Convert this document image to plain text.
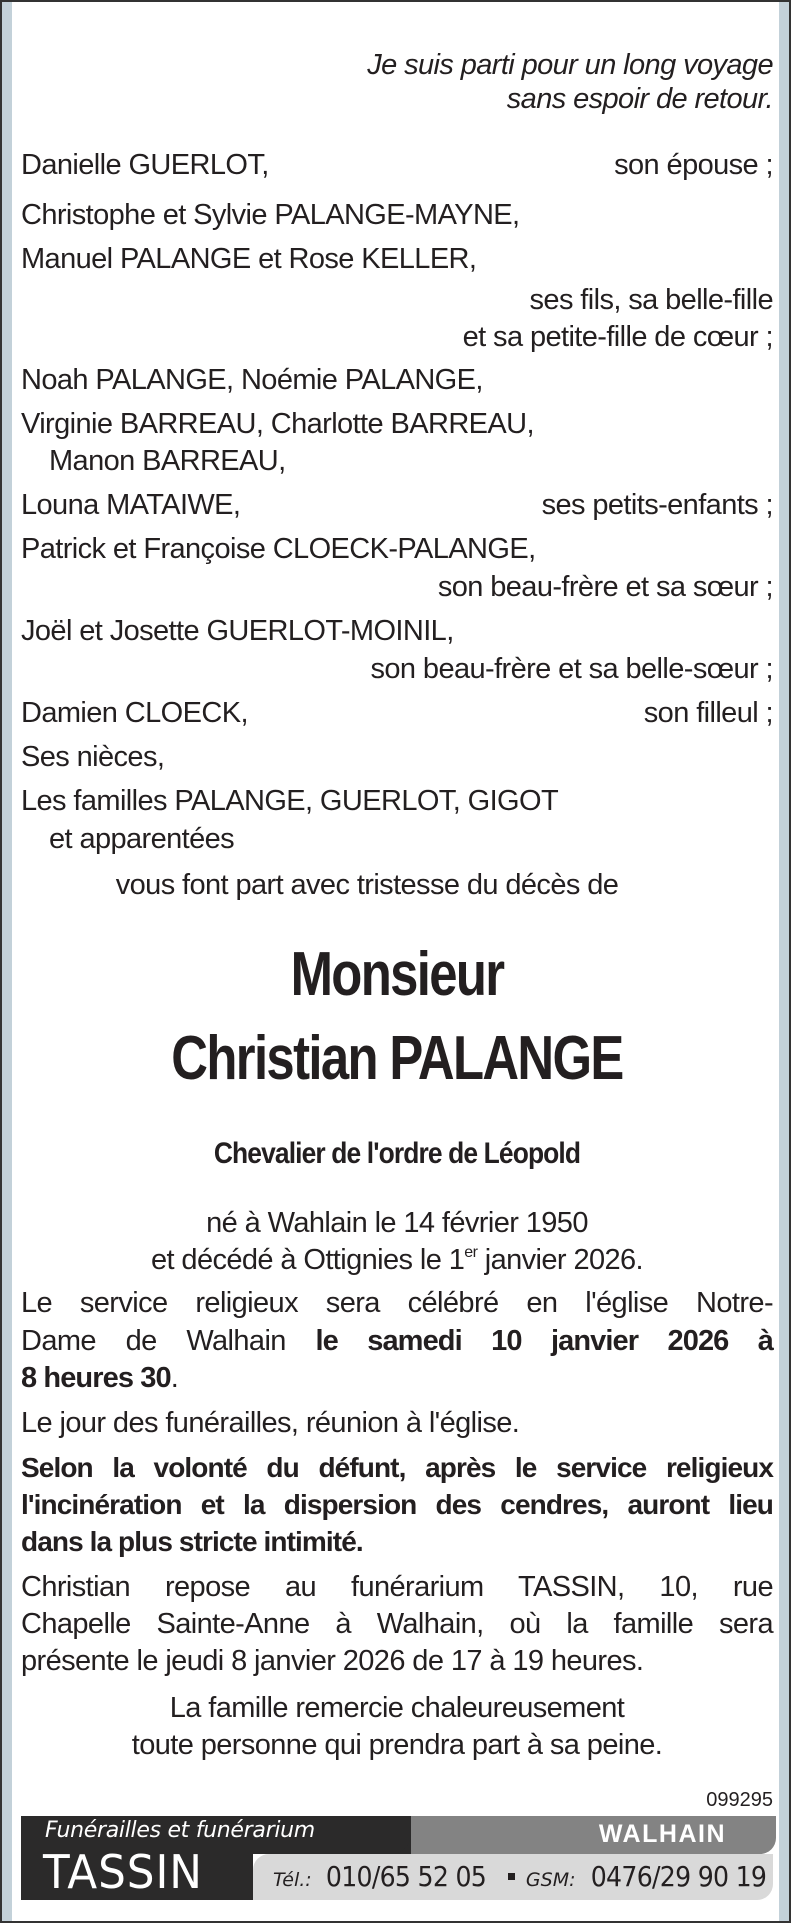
Je suis parti pour un long voyage
sans espoir de retour.
Danielle GUERLOT,	son épouse ;
Christophe et Sylvie PALANGE-MAYNE,
Manuel PALANGE et Rose KELLER,
ses fils, sa belle-fille
et sa petite-fille de cœur ;
Noah PALANGE, Noémie PALANGE,
Virginie BARREAU, Charlotte BARREAU,
Manon BARREAU,
Louna MATAIWE,	ses petits-enfants ;
Patrick et Françoise CLOECK-PALANGE,
son beau-frère et sa sœur ;
Joël et Josette GUERLOT-MOINIL,
son beau-frère et sa belle-sœur ;
Damien CLOECK,	son filleul ;
Ses nièces,
Les familles PALANGE, GUERLOT, GIGOT
et apparentées
vous font part avec tristesse du décès de
Monsieur
Christian PALANGE
Chevalier de l'ordre de Léopold
né à Wahlain le 14 février 1950
et décédé à Ottignies le 1er janvier 2026.
Le service religieux sera célébré en l'église Notre-
Dame de Walhain le samedi 10 janvier 2026 à
8 heures 30.
Le jour des funérailles, réunion à l'église.
Selon la volonté du défunt, après le service religieux
l'incinération et la dispersion des cendres, auront lieu
dans la plus stricte intimité.
Christian repose au funérarium TASSIN, 10, rue
Chapelle Sainte-Anne à Walhain, où la famille sera
présente le jeudi 8 janvier 2026 de 17 à 19 heures.
La famille remercie chaleureusement
toute personne qui prendra part à sa peine.
099295
Tél.: 010/65 52 05 GSM: 0476/29 90 19
WALHAIN
Funérailles et funérarium
TASSIN
